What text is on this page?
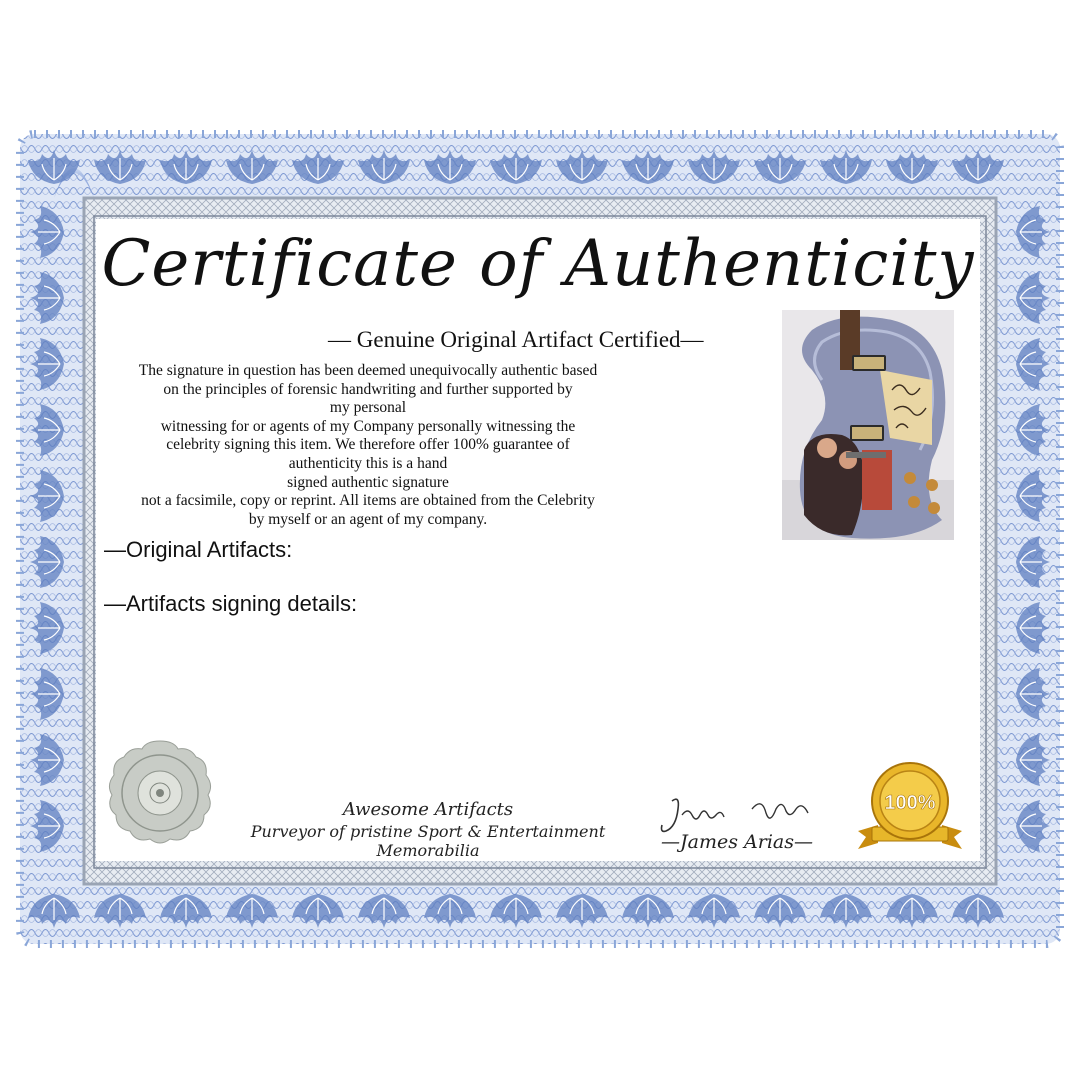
Certificate of Authenticity
— Genuine Original Artifact Certified—
The signature in question has been deemed unequivocally authentic based
on the principles of forensic handwriting and further supported by
my personal
witnessing for or agents of my Company personally witnessing the
celebrity signing this item. We therefore offer 100% guarantee of
authenticity this is a hand
signed authentic signature
not a facsimile, copy or reprint. All items are obtained from the Celebrity
by myself or an agent of my company.
—Original Artifacts:
—Artifacts signing details:
Awesome Artifacts
Purveyor of pristine Sport & Entertainment Memorabilia	—James Arias—
100%
